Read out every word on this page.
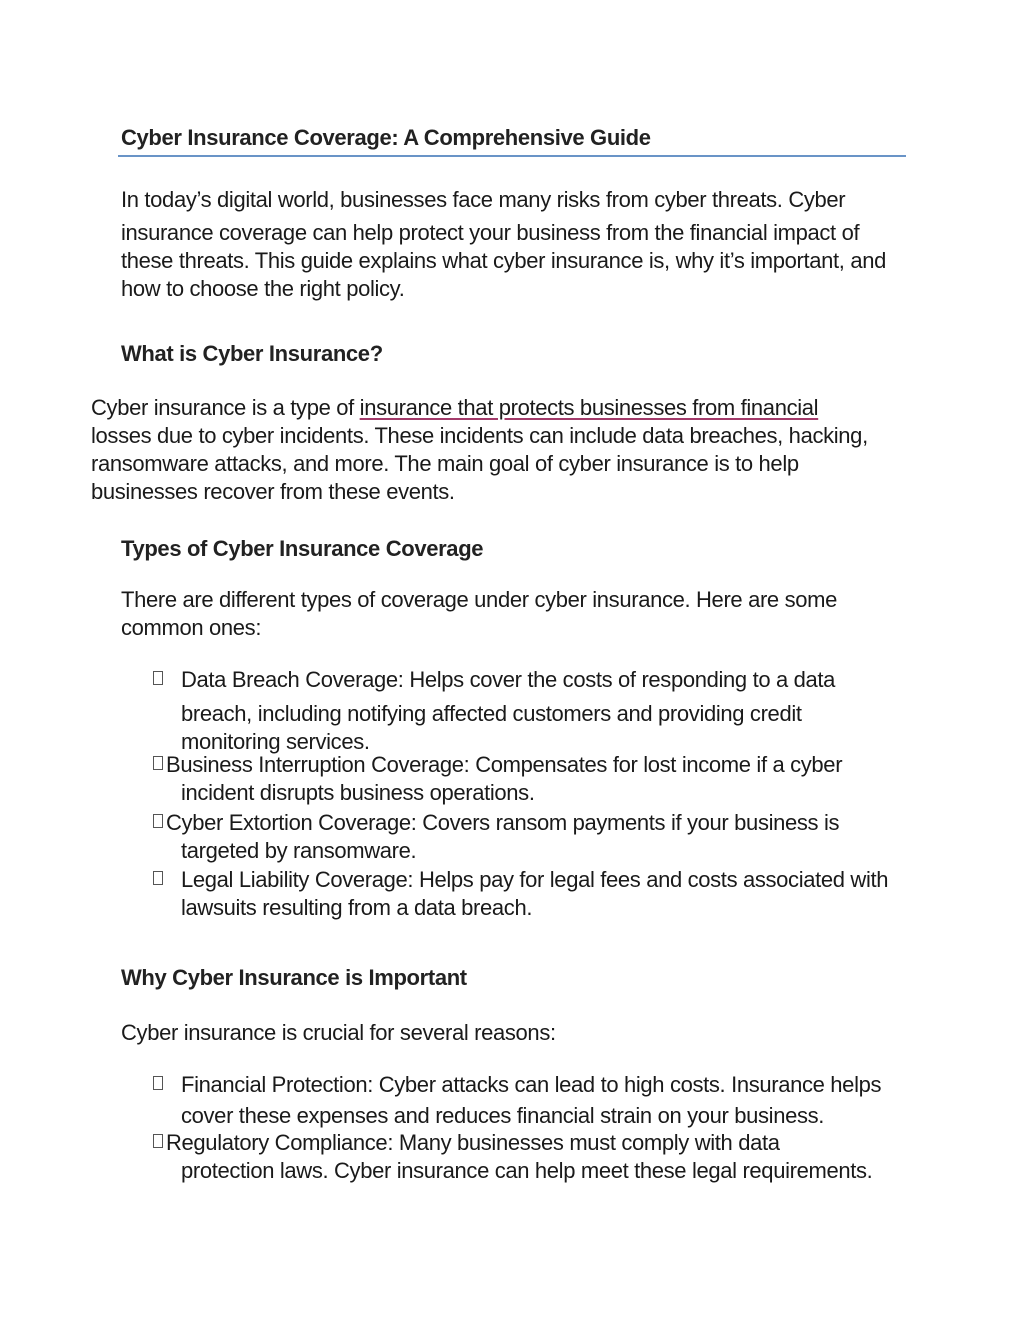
Cyber Insurance Coverage: A Comprehensive Guide

In today’s digital world, businesses face many risks from cyber threats. Cyber
insurance coverage can help protect your business from the financial impact of
these threats. This guide explains what cyber insurance is, why it’s important, and
how to choose the right policy.

What is Cyber Insurance?

Cyber insurance is a type of insurance that protects businesses from financial
losses due to cyber incidents. These incidents can include data breaches, hacking,
ransomware attacks, and more. The main goal of cyber insurance is to help
businesses recover from these events.

Types of Cyber Insurance Coverage

There are different types of coverage under cyber insurance. Here are some
common ones:

Data Breach Coverage: Helps cover the costs of responding to a data
breach, including notifying affected customers and providing credit
monitoring services.
Business Interruption Coverage: Compensates for lost income if a cyber
incident disrupts business operations.
Cyber Extortion Coverage: Covers ransom payments if your business is
targeted by ransomware.
Legal Liability Coverage: Helps pay for legal fees and costs associated with
lawsuits resulting from a data breach.
Why Cyber Insurance is Important

Cyber insurance is crucial for several reasons:

Financial Protection: Cyber attacks can lead to high costs. Insurance helps
cover these expenses and reduces financial strain on your business.
Regulatory Compliance: Many businesses must comply with data
protection laws. Cyber insurance can help meet these legal requirements.
